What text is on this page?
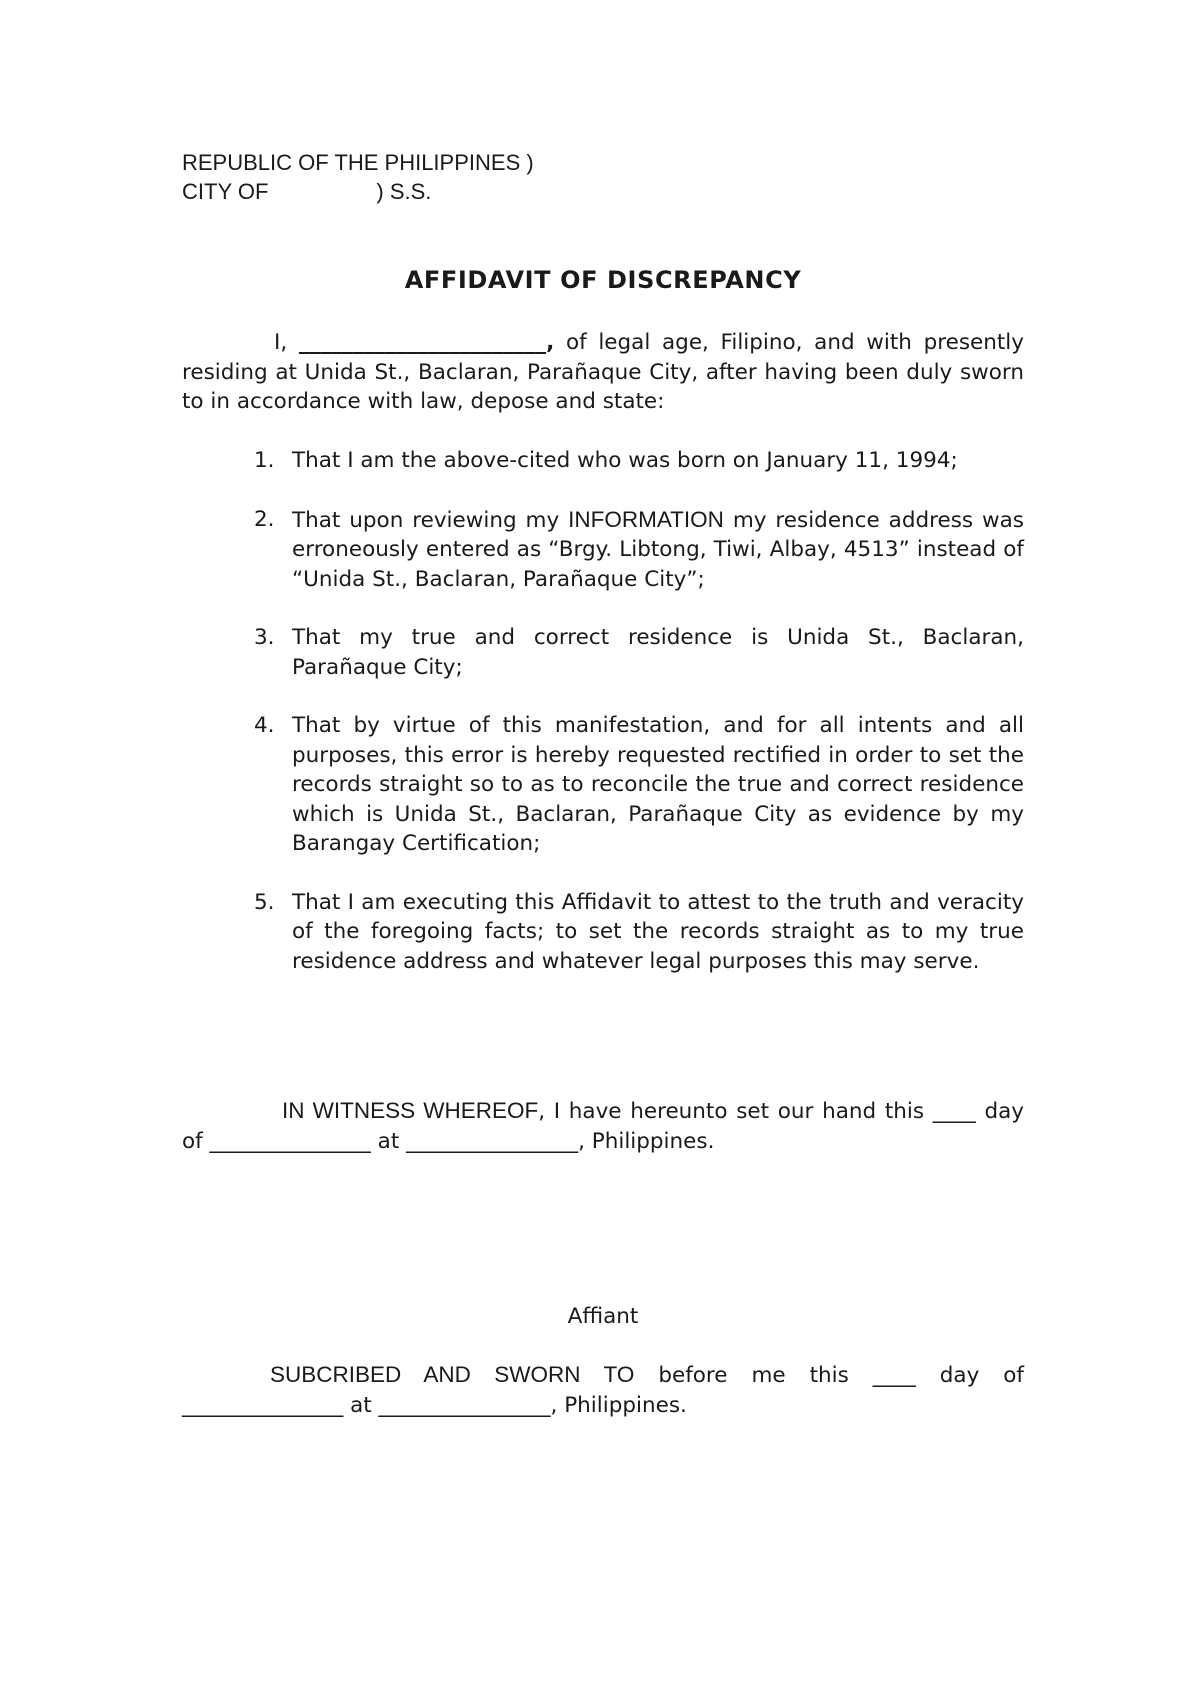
REPUBLIC OF THE PHILIPPINES )
CITY OF	) S.S.
AFFIDAVIT OF DISCREPANCY
I, _______________________, of legal age, Filipino, and with presently residing at Unida St., Baclaran, Parañaque City, after having been duly sworn to in accordance with law, depose and state:
1. That I am the above-cited who was born on January 11, 1994;
2. That upon reviewing my INFORMATION my residence address was erroneously entered as “Brgy. Libtong, Tiwi, Albay, 4513” instead of “Unida St., Baclaran, Parañaque City”;
3. That my true and correct residence is Unida St., Baclaran, Parañaque City;
4. That by virtue of this manifestation, and for all intents and all purposes, this error is hereby requested rectified in order to set the records straight so to as to reconcile the true and correct residence which is Unida St., Baclaran, Parañaque City as evidence by my Barangay Certification;
5. That I am executing this Affidavit to attest to the truth and veracity of the foregoing facts; to set the records straight as to my true residence address and whatever legal purposes this may serve.
IN WITNESS WHEREOF, I have hereunto set our hand this ____ day of _______________ at ________________, Philippines.
Affiant
SUBCRIBED AND SWORN TO before me this ____ day of _______________ at ________________, Philippines.
